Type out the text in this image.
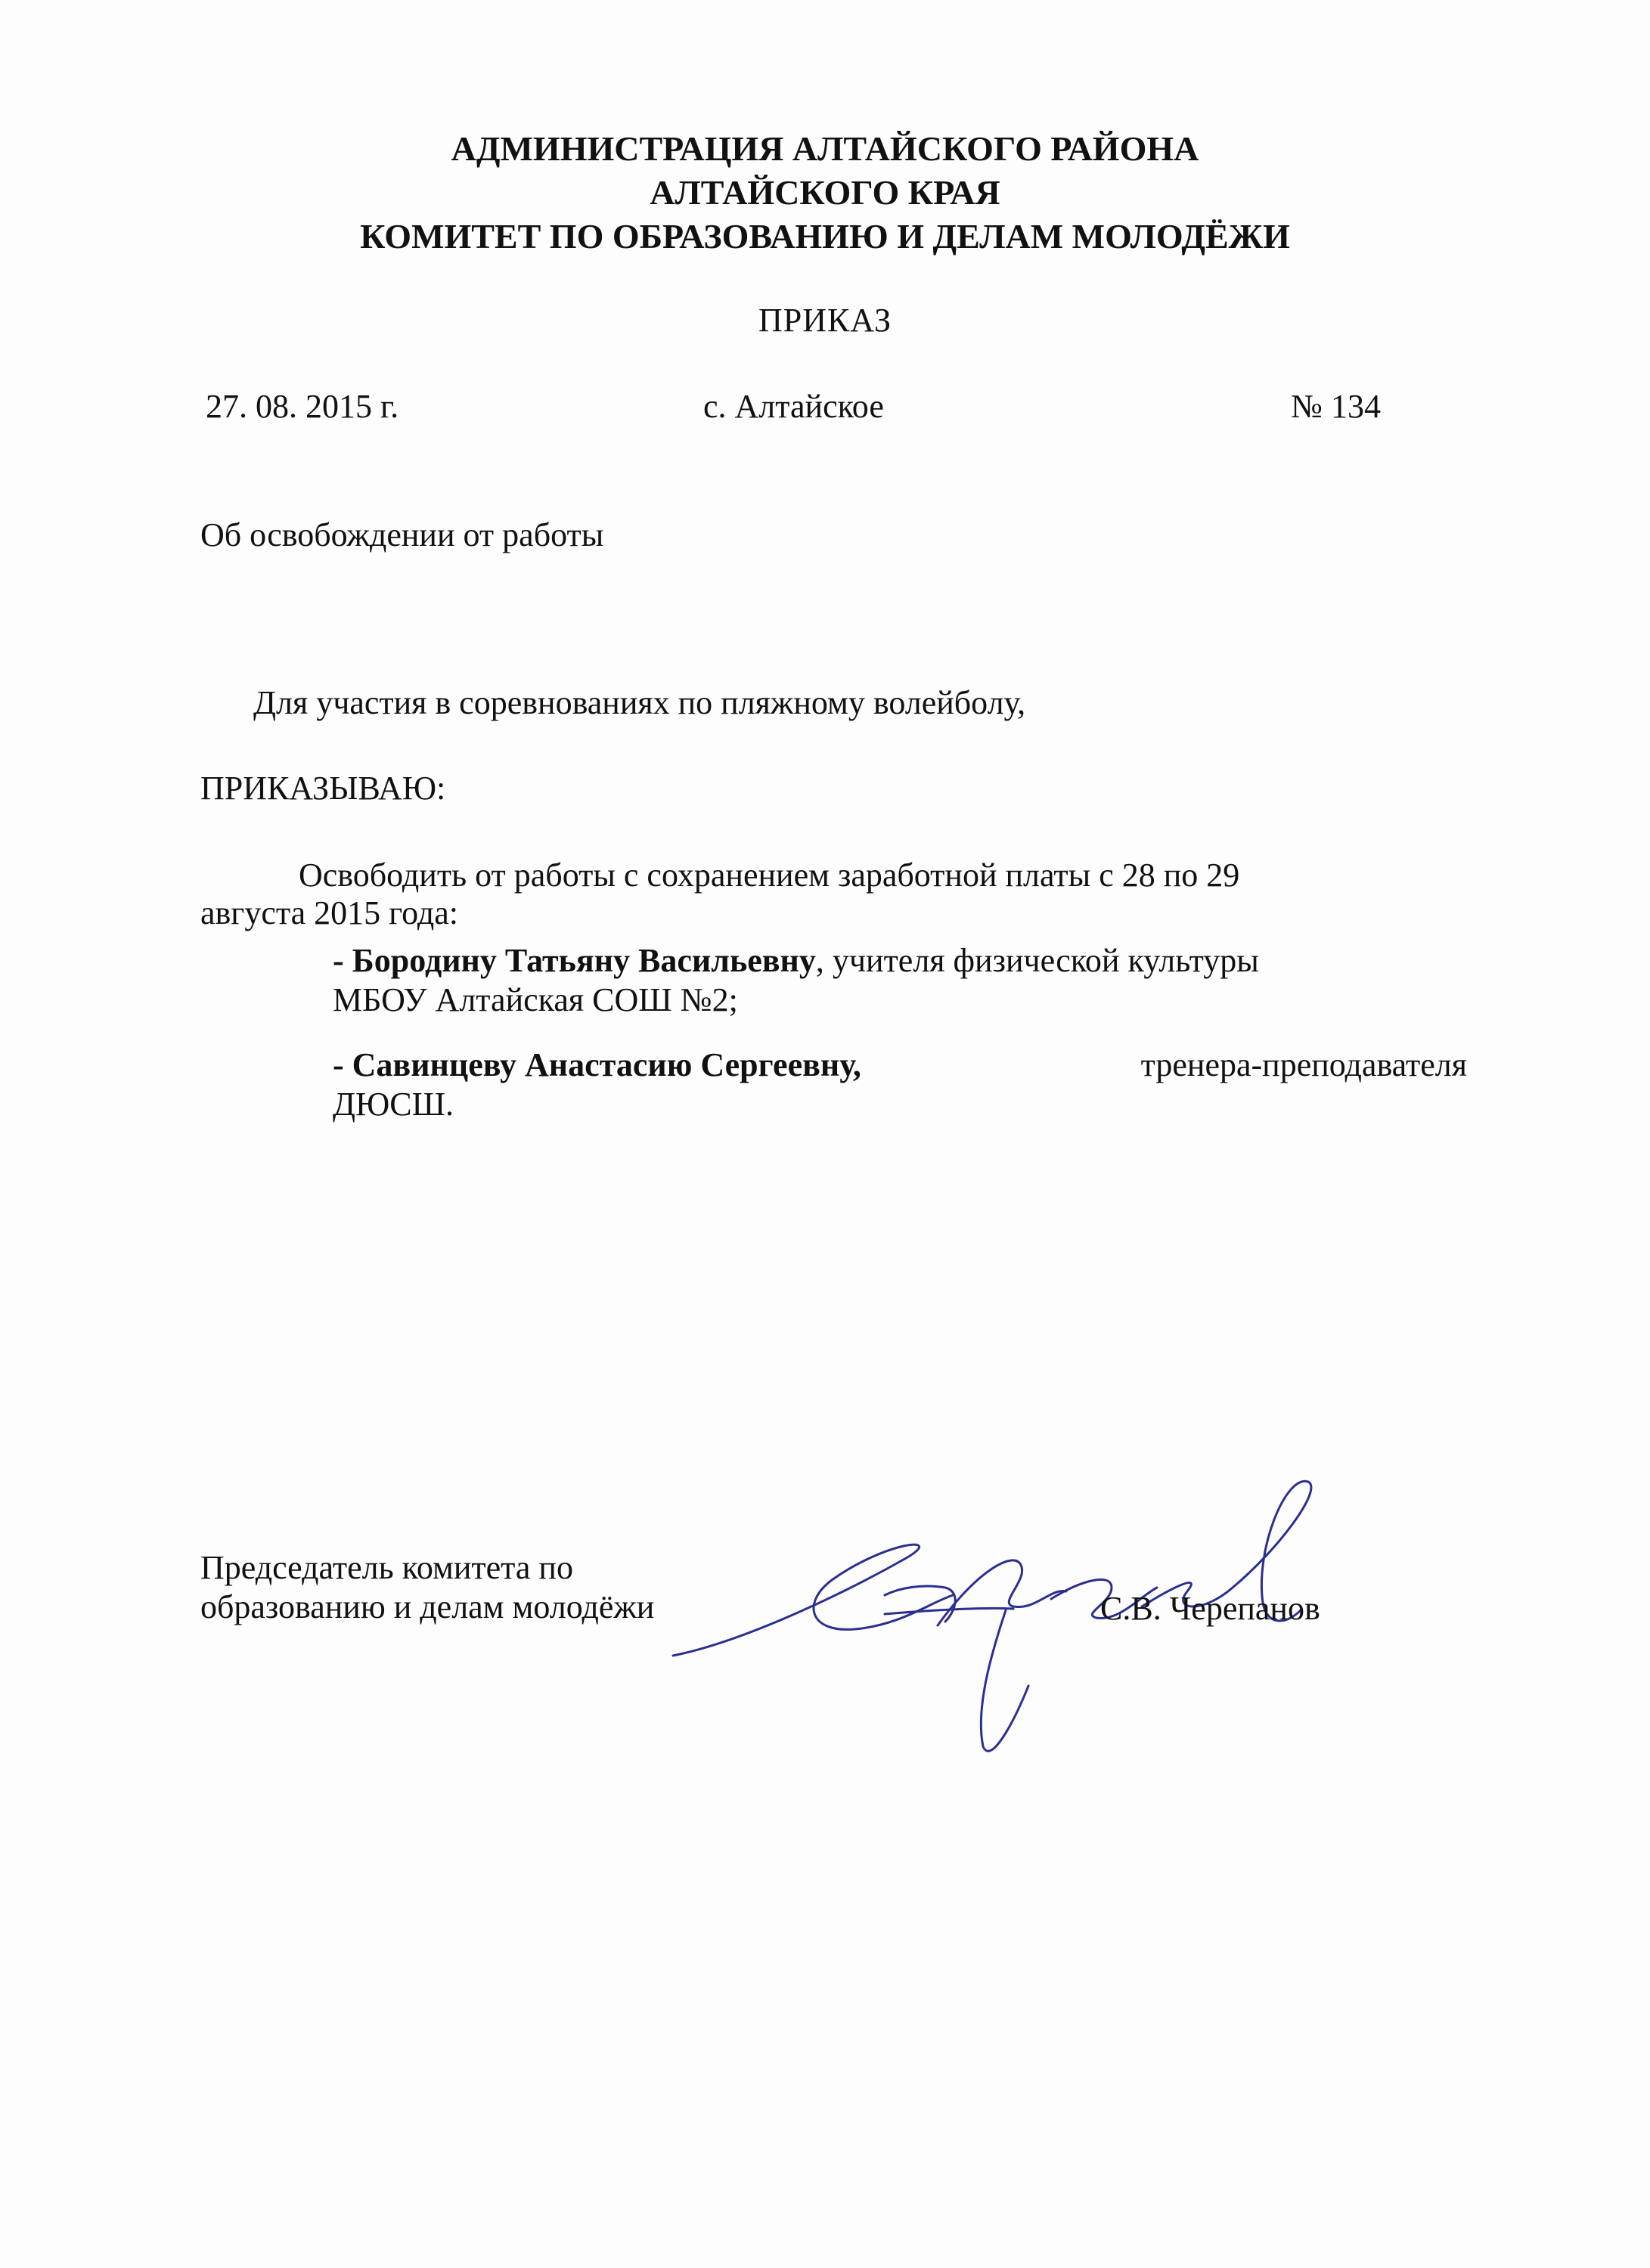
АДМИНИСТРАЦИЯ АЛТАЙСКОГО РАЙОНА
АЛТАЙСКОГО КРАЯ
КОМИТЕТ ПО ОБРАЗОВАНИЮ И ДЕЛАМ МОЛОДЁЖИ
ПРИКАЗ
27. 08. 2015 г.	с. Алтайское	№ 134
Об освобождении от работы
Для участия в соревнованиях по пляжному волейболу,
ПРИКАЗЫВАЮ:
Освободить от работы с сохранением заработной платы с 28 по 29
августа 2015 года:
- Бородину Татьяну Васильевну, учителя физической культуры
МБОУ Алтайская СОШ №2;
- Савинцеву Анастасию Сергеевну,	тренера-преподавателя
ДЮСШ.
Председатель комитета по
образованию и делам молодёжи	С.В. Черепанов
